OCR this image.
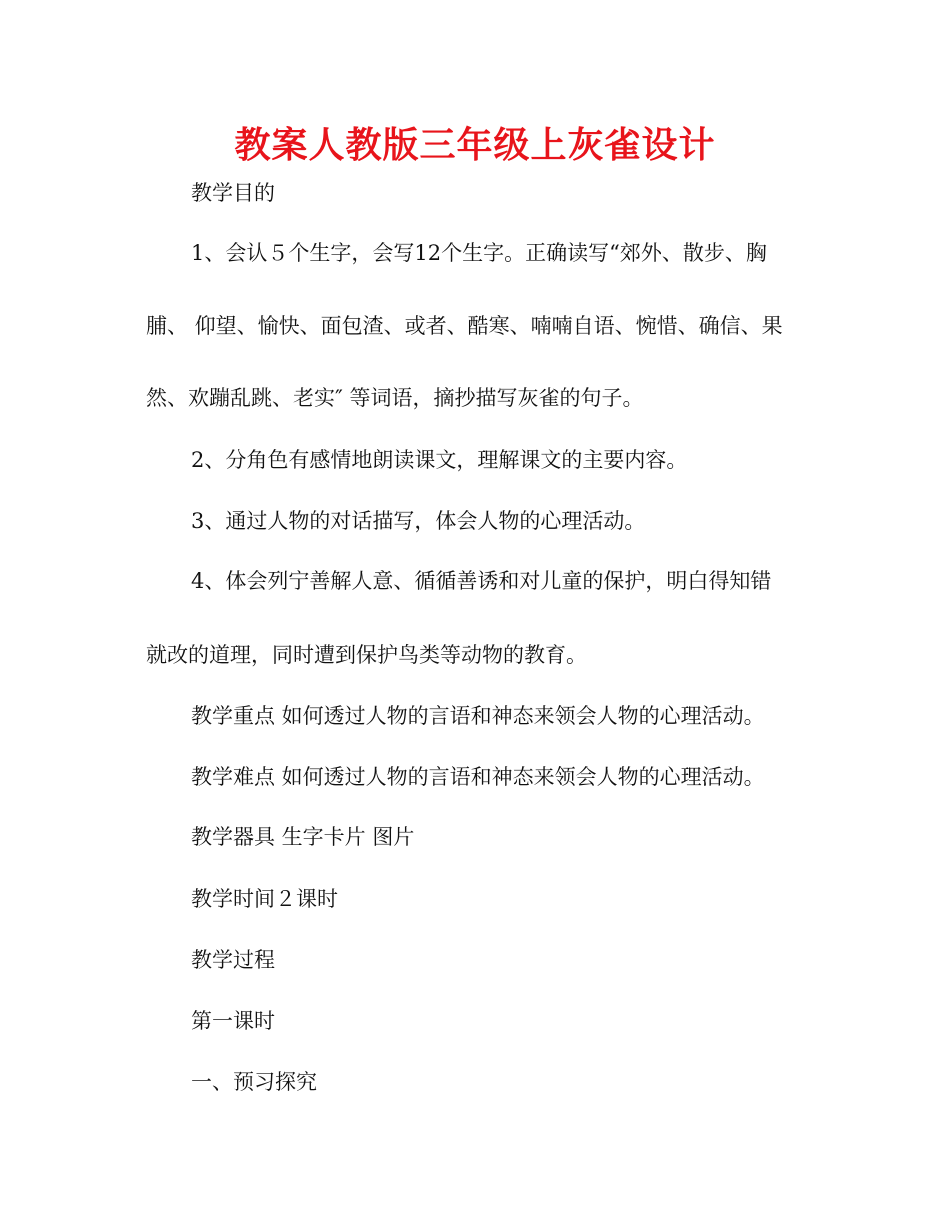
教案人教版三年级上灰雀设计
教学目的
1、会认５个生字，会写12个生字。正确读写“郊外、散步、胸
脯、 仰望、愉快、面包渣、或者、酷寒、喃喃自语、惋惜、确信、果
然、欢蹦乱跳、老实″ 等词语，摘抄描写灰雀的句子。
2、分角色有感情地朗读课文，理解课文的主要内容。
3、通过人物的对话描写，体会人物的心理活动。
4、体会列宁善解人意、循循善诱和对儿童的保护，明白得知错
就改的道理，同时遭到保护鸟类等动物的教育。
教学重点 如何透过人物的言语和神态来领会人物的心理活动。
教学难点 如何透过人物的言语和神态来领会人物的心理活动。
教学器具 生字卡片 图片
教学时间２课时
教学过程
第一课时
一、预习探究
